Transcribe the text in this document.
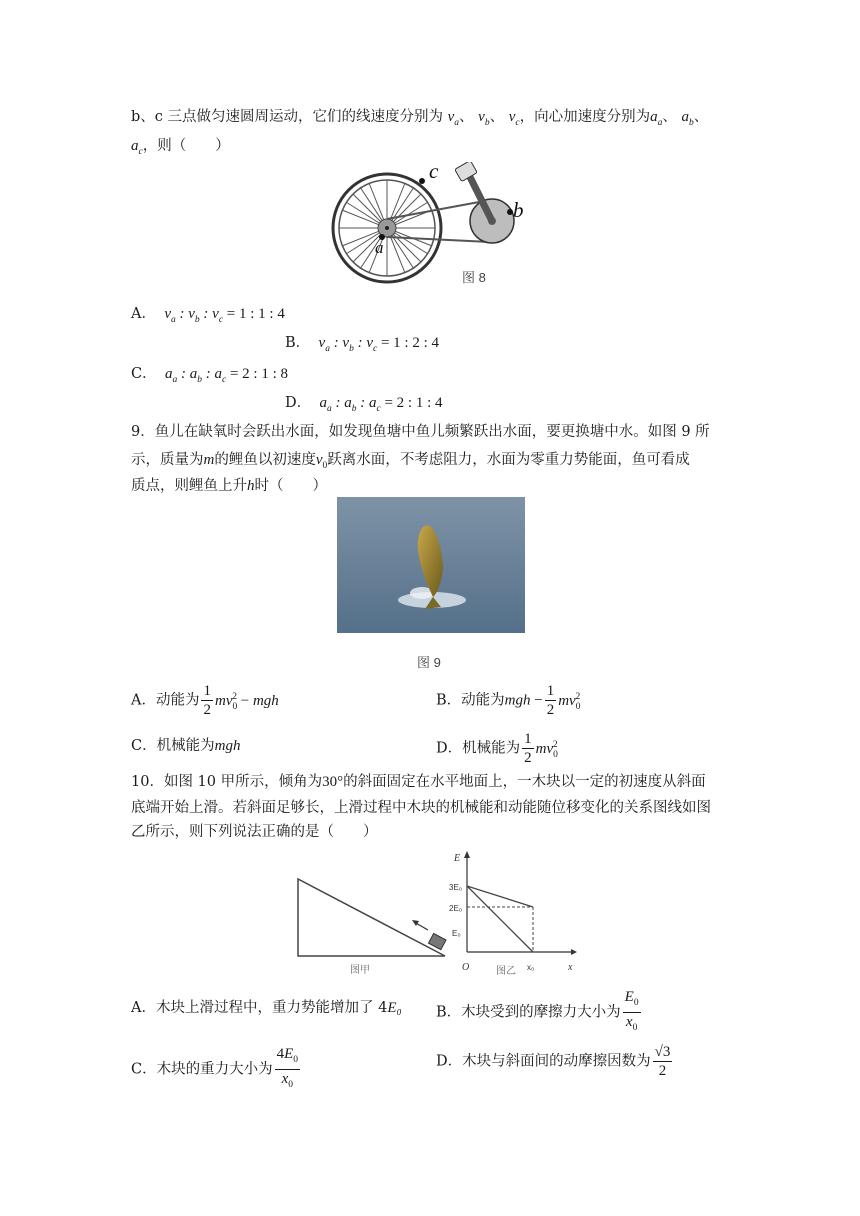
b、c 三点做匀速圆周运动，它们的线速度分别为 $v_a$、 $v_b$、 $v_c$，向心加速度分别为$a_a$、 $a_b$、
$a_c$，则（　　）
c
b
a
图 8
A．  $v_a$ : $v_b$ : $v_c = 1$ : 1 : 4
B．  $v_a$ : $v_b$ : $v_c = 1$ : 2 : 4
C．  $a_a$ : $a_b$ : $a_c = 2$ : 1 : 8
D．  $a_a$ : $a_b$ : $a_c = 2$ : 1 : 4
9．鱼儿在缺氧时会跃出水面，如发现鱼塘中鱼儿频繁跃出水面，要更换塘中水。如图 9 所
示，质量为m的鲤鱼以初速度$v_0$跃离水面，不考虑阻力，水面为零重力势能面，鱼可看成
质点，则鲤鱼上升h时（　　）
图 9
A．动能为 $\frac{1}{2} mv_0^2$ − mgh	B．动能为mgh − $\frac{1}{2} mv_0^2$
C．机械能为mgh	D．机械能为 $\frac{1}{2} mv_0^2$
10．如图 10 甲所示，倾角为30°的斜面固定在水平地面上，一木块以一定的初速度从斜面
底端开始上滑。若斜面足够长，上滑过程中木块的机械能和动能随位移变化的关系图线如图
乙所示，则下列说法正确的是（　　）
图甲
E
x
O	x₀
3E₀
2E₀
E₀
图乙
A．木块上滑过程中，重力势能增加了 4E₀ B．木块受到的摩擦力大小为 $\frac{E_0}{x_0}$
C．木块的重力大小为 $\frac{4E_0}{x_0}$	D．木块与斜面间的动摩擦因数为 $\frac{√3}{2}$
